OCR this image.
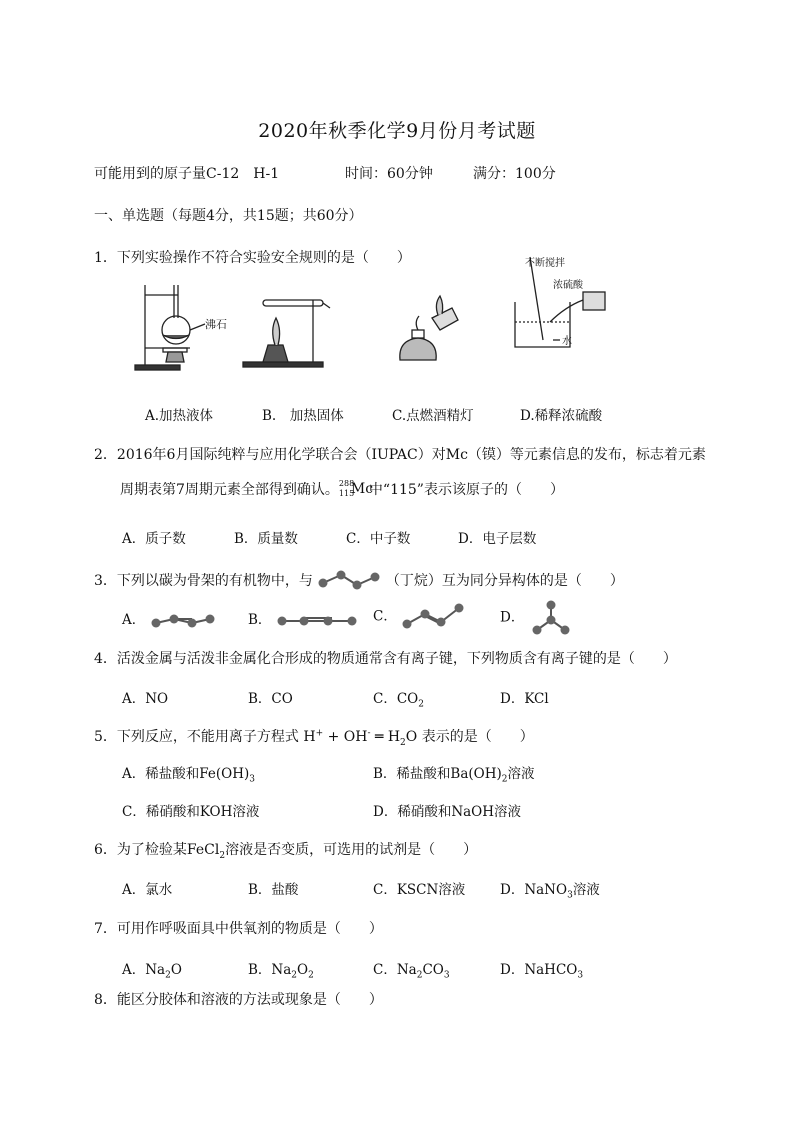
2020年秋季化学9月份月考试题
可能用到的原子量C-12　H-1	时间：60分钟	满分：100分
一、单选题（每题4分，共15题；共60分）
1．下列实验操作不符合实验安全规则的是（　　）
沸石
不断搅拌
浓硫酸
水
A.加热液体	B.　加热固体	C.点燃酒精灯	D.稀释浓硫酸
2．2016年6月国际纯粹与应用化学联合会（IUPAC）对Mc（镆）等元素信息的发布，标志着元素
周期表第7周期元素全部得到确认。 288
115
Mc
中“115”表示该原子的（　　）
A．质子数	B．质量数	C．中子数	D．电子层数
3．下列以碳为骨架的有机物中，与	（丁烷）互为同分异构体的是（　　）
A．	B．	C．	D．
4．活泼金属与活泼非金属化合形成的物质通常含有离子键，下列物质含有离子键的是（　　）
A．NO	B．CO	C．$CO_2$	D．KCl
5．下列反应，不能用离子方程式 H+ + OH- ═ $H_2O$ 表示的是（　　）
A．稀盐酸和$Fe(OH)_3$	B．稀盐酸和$Ba(OH)_2$溶液
C．稀硝酸和KOH溶液	D．稀硝酸和NaOH溶液
6．为了检验某FeCl$_2$溶液是否变质，可选用的试剂是（　　）
A．氯水	B．盐酸	C．KSCN溶液	D．NaNO$_3$溶液
7．可用作呼吸面具中供氧剂的物质是（　　）
A．$Na_2O$	B．$Na_2O_2$	C．$Na_2CO_3$	D．NaHCO$_3$
8．能区分胶体和溶液的方法或现象是（　　）
